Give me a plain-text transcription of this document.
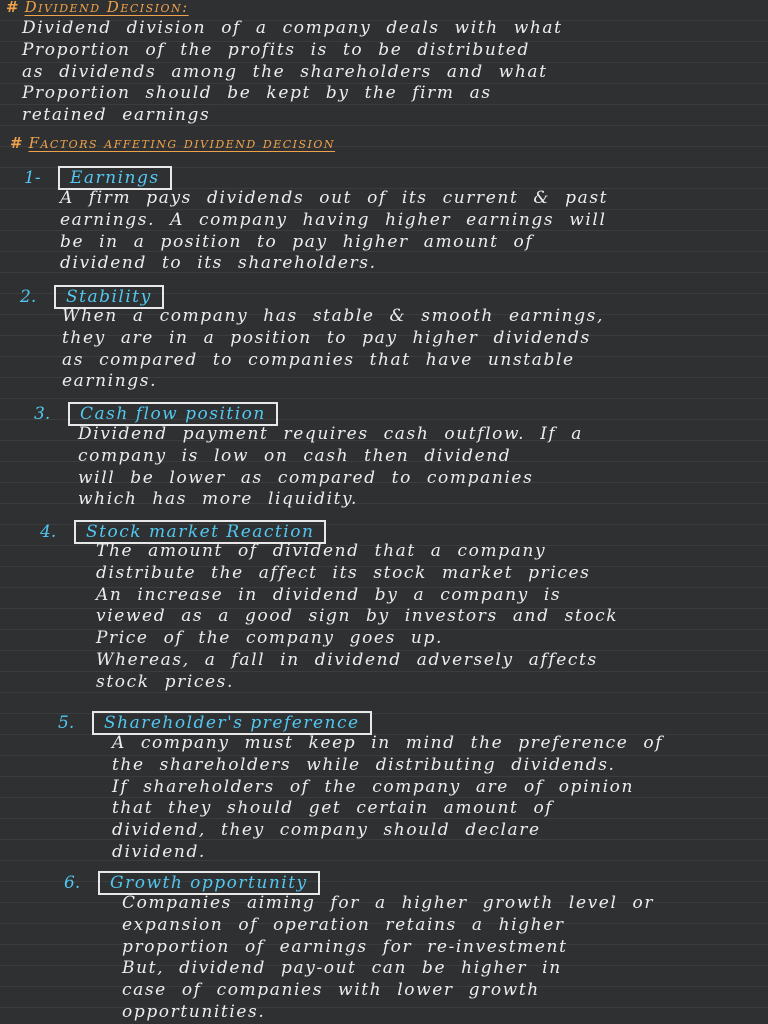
# Dividend Decision:
Dividend division of a company deals with what
Proportion of the profits is to be distributed
as dividends among the shareholders and what
Proportion should be kept by the firm as
retained earnings
# Factors affeting dividend decision
1-	Earnings
A firm pays dividends out of its current & past
earnings. A company having higher earnings will
be in a position to pay higher amount of
dividend to its shareholders.
2.	Stability
When a company has stable & smooth earnings,
they are in a position to pay higher dividends
as compared to companies that have unstable
earnings.
3.	Cash flow position
Dividend payment requires cash outflow. If a
company is low on cash then dividend
will be lower as compared to companies
which has more liquidity.
4.	Stock market Reaction
The amount of dividend that a company
distribute the affect its stock market prices
An increase in dividend by a company is
viewed as a good sign by investors and stock
Price of the company goes up.
Whereas, a fall in dividend adversely affects
stock prices.
5.	Shareholder's preference
A company must keep in mind the preference of
the shareholders while distributing dividends.
If shareholders of the company are of opinion
that they should get certain amount of
dividend, they company should declare
dividend.
6.	Growth opportunity
Companies aiming for a higher growth level or
expansion of operation retains a higher
proportion of earnings for re-investment
But, dividend pay-out can be higher in
case of companies with lower growth
opportunities.
